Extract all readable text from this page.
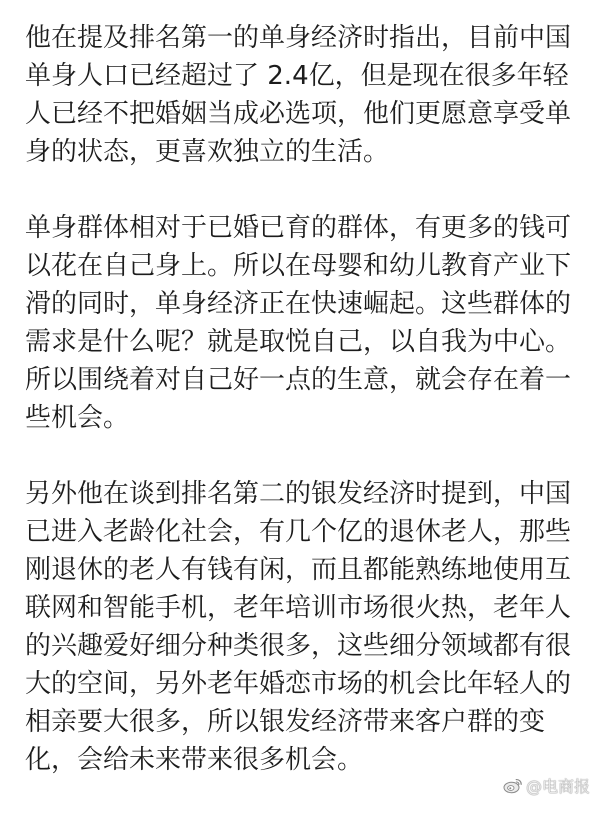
他在提及排名第一的单身经济时指出，目前中国
单身人口已经超过了 2.4亿，但是现在很多年轻
人已经不把婚姻当成必选项，他们更愿意享受单
身的状态，更喜欢独立的生活。
单身群体相对于已婚已育的群体，有更多的钱可
以花在自己身上。所以在母婴和幼儿教育产业下
滑的同时，单身经济正在快速崛起。这些群体的
需求是什么呢？就是取悦自己，以自我为中心。
所以围绕着对自己好一点的生意，就会存在着一
些机会。
另外他在谈到排名第二的银发经济时提到，中国
已进入老龄化社会，有几个亿的退休老人，那些
刚退休的老人有钱有闲，而且都能熟练地使用互
联网和智能手机，老年培训市场很火热，老年人
的兴趣爱好细分种类很多，这些细分领域都有很
大的空间，另外老年婚恋市场的机会比年轻人的
相亲要大很多，所以银发经济带来客户群的变
化，会给未来带来很多机会。
@电商报
